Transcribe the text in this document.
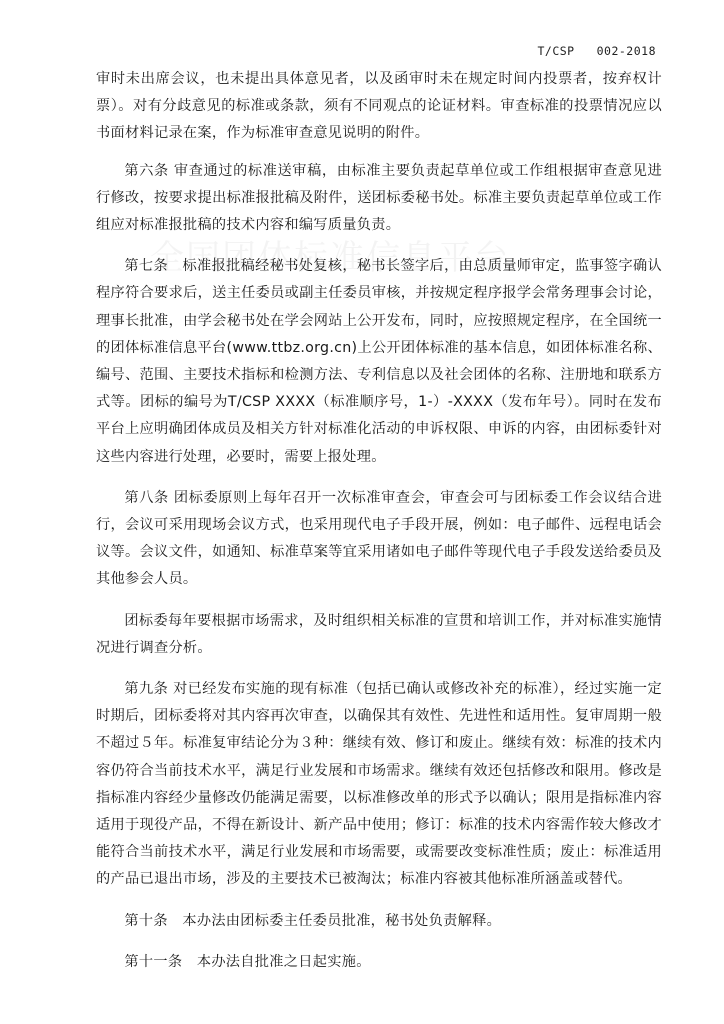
T/CSP 002-2018

审时未出席会议，也未提出具体意见者，以及函审时未在规定时间内投票者，按弃权计票）。对有分歧意见的标准或条款，须有不同观点的论证材料。审查标准的投票情况应以书面材料记录在案，作为标准审查意见说明的附件。

第六条 审查通过的标准送审稿，由标准主要负责起草单位或工作组根据审查意见进行修改，按要求提出标准报批稿及附件，送团标委秘书处。标准主要负责起草单位或工作组应对标准报批稿的技术内容和编写质量负责。

第七条　标准报批稿经秘书处复核，秘书长签字后，由总质量师审定，监事签字确认程序符合要求后，送主任委员或副主任委员审核，并按规定程序报学会常务理事会讨论，理事长批准，由学会秘书处在学会网站上公开发布，同时，应按照规定程序，在全国统一的团体标准信息平台(www.ttbz.org.cn)上公开团体标准的基本信息，如团体标准名称、编号、范围、主要技术指标和检测方法、专利信息以及社会团体的名称、注册地和联系方式等。团标的编号为T/CSP XXXX（标准顺序号，1-）-XXXX（发布年号）。同时在发布平台上应明确团体成员及相关方针对标准化活动的申诉权限、申诉的内容，由团标委针对这些内容进行处理，必要时，需要上报处理。

第八条 团标委原则上每年召开一次标准审查会，审查会可与团标委工作会议结合进行，会议可采用现场会议方式，也采用现代电子手段开展，例如：电子邮件、远程电话会议等。会议文件，如通知、标准草案等宜采用诸如电子邮件等现代电子手段发送给委员及其他参会人员。

团标委每年要根据市场需求，及时组织相关标准的宣贯和培训工作，并对标准实施情况进行调查分析。

第九条 对已经发布实施的现有标准（包括已确认或修改补充的标准），经过实施一定时期后，团标委将对其内容再次审查，以确保其有效性、先进性和适用性。复审周期一般不超过５年。标准复审结论分为３种：继续有效、修订和废止。继续有效：标准的技术内容仍符合当前技术水平，满足行业发展和市场需求。继续有效还包括修改和限用。修改是指标准内容经少量修改仍能满足需要，以标准修改单的形式予以确认；限用是指标准内容适用于现役产品，不得在新设计、新产品中使用；修订：标准的技术内容需作较大修改才能符合当前技术水平，满足行业发展和市场需要，或需要改变标准性质；废止：标准适用的产品已退出市场，涉及的主要技术已被淘汰；标准内容被其他标准所涵盖或替代。

第十条　本办法由团标委主任委员批准，秘书处负责解释。

第十一条　本办法自批准之日起实施。
